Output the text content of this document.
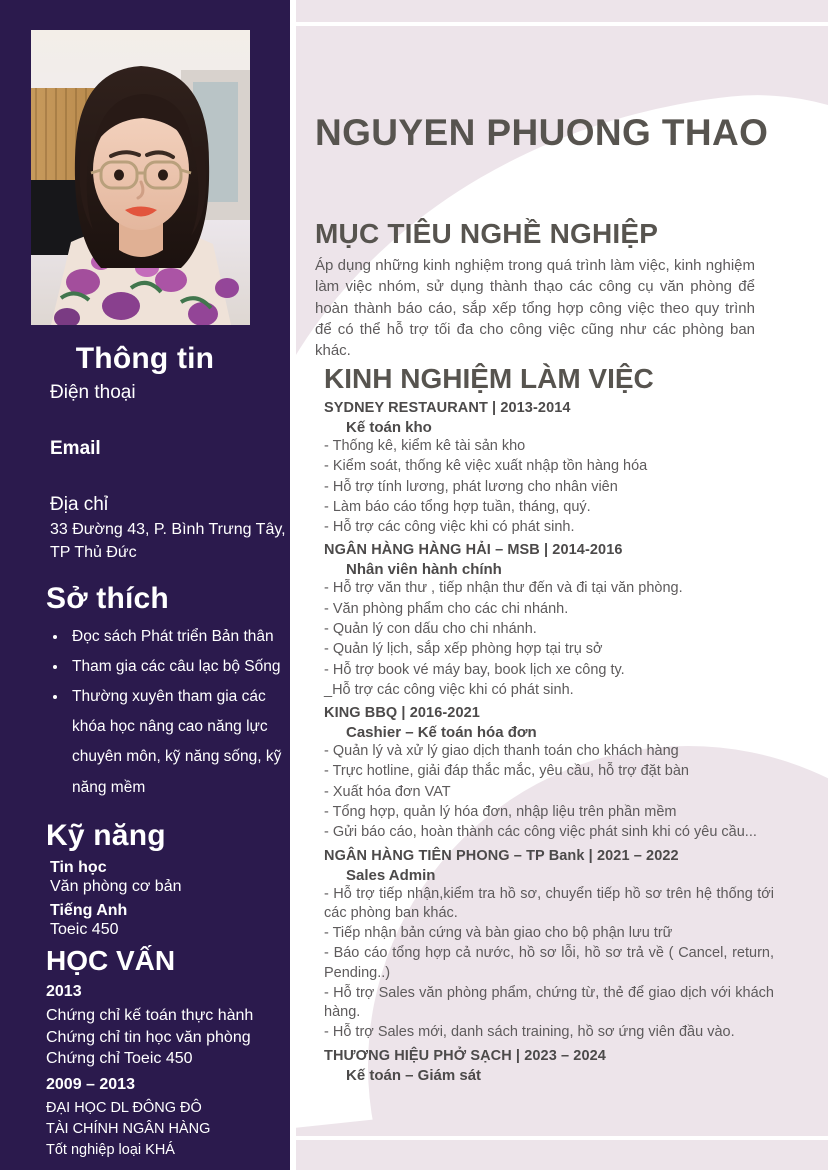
Thông tin
Điện thoại
Email
Địa chỉ
33 Đường 43, P. Bình Trưng Tây,
TP Thủ Đức
Sở thích
• Đọc sách Phát triển Bản thân
• Tham gia các câu lạc bộ Sống
• Thường xuyên tham gia các khóa học nâng cao năng lực chuyên môn, kỹ năng sống, kỹ năng mềm
Kỹ năng
Tin học
Văn phòng cơ bản
Tiếng Anh
Toeic 450
HỌC VẤN
2013
Chứng chỉ kế toán thực hành
Chứng chỉ tin học văn phòng
Chứng chỉ Toeic 450
2009 – 2013
ĐẠI HỌC DL ĐÔNG ĐÔ
TÀI CHÍNH NGÂN HÀNG
Tốt nghiệp loại KHÁ
NGUYEN PHUONG THAO
MỤC TIÊU NGHỀ NGHIỆP
Áp dụng những kinh nghiệm trong quá trình làm việc, kinh nghiệm làm việc nhóm, sử dụng thành thạo các công cụ văn phòng để hoàn thành báo cáo, sắp xếp tổng hợp công việc theo quy trình để có thể hỗ trợ tối đa cho công việc cũng như các phòng ban khác.
KINH NGHIỆM LÀM VIỆC
SYDNEY RESTAURANT | 2013-2014
Kế toán kho
- Thống kê, kiểm kê tài sản kho
- Kiểm soát, thống kê việc xuất nhập tồn hàng hóa
- Hỗ trợ tính lương, phát lương cho nhân viên
- Làm báo cáo tổng hợp tuần, tháng, quý.
- Hỗ trợ các công việc khi có phát sinh.
NGÂN HÀNG HÀNG HẢI – MSB | 2014-2016
Nhân viên hành chính
- Hỗ trợ văn thư , tiếp nhận thư đến và đi tại văn phòng.
- Văn phòng phẩm cho các chi nhánh.
- Quản lý con dấu cho chi nhánh.
- Quản lý lịch, sắp xếp phòng hợp tại trụ sở
- Hỗ trợ book vé máy bay, book lịch xe công ty.
_Hỗ trợ các công việc khi có phát sinh.
KING BBQ | 2016-2021
Cashier – Kế toán hóa đơn
- Quản lý và xử lý giao dịch thanh toán cho khách hàng
- Trực hotline, giải đáp thắc mắc, yêu cầu, hỗ trợ đặt bàn
- Xuất hóa đơn VAT
- Tổng hợp, quản lý hóa đơn, nhập liệu trên phần mềm
- Gửi báo cáo, hoàn thành các công việc phát sinh khi có yêu cầu...
NGÂN HÀNG TIÊN PHONG – TP Bank | 2021 – 2022
Sales Admin
- Hỗ trợ tiếp nhận,kiểm tra hồ sơ, chuyển tiếp hồ sơ trên hệ thống tới các phòng ban khác.
- Tiếp nhận bản cứng và bàn giao cho bộ phận lưu trữ
- Báo cáo tổng hợp cả nước, hồ sơ lỗi, hồ sơ trả về ( Cancel, return, Pending..)
- Hỗ trợ Sales văn phòng phẩm, chứng từ, thẻ để giao dịch với khách hàng.
- Hỗ trợ Sales mới, danh sách training, hồ sơ ứng viên đầu vào.
THƯƠNG HIỆU PHỞ SẠCH | 2023 – 2024
Kế toán – Giám sát
